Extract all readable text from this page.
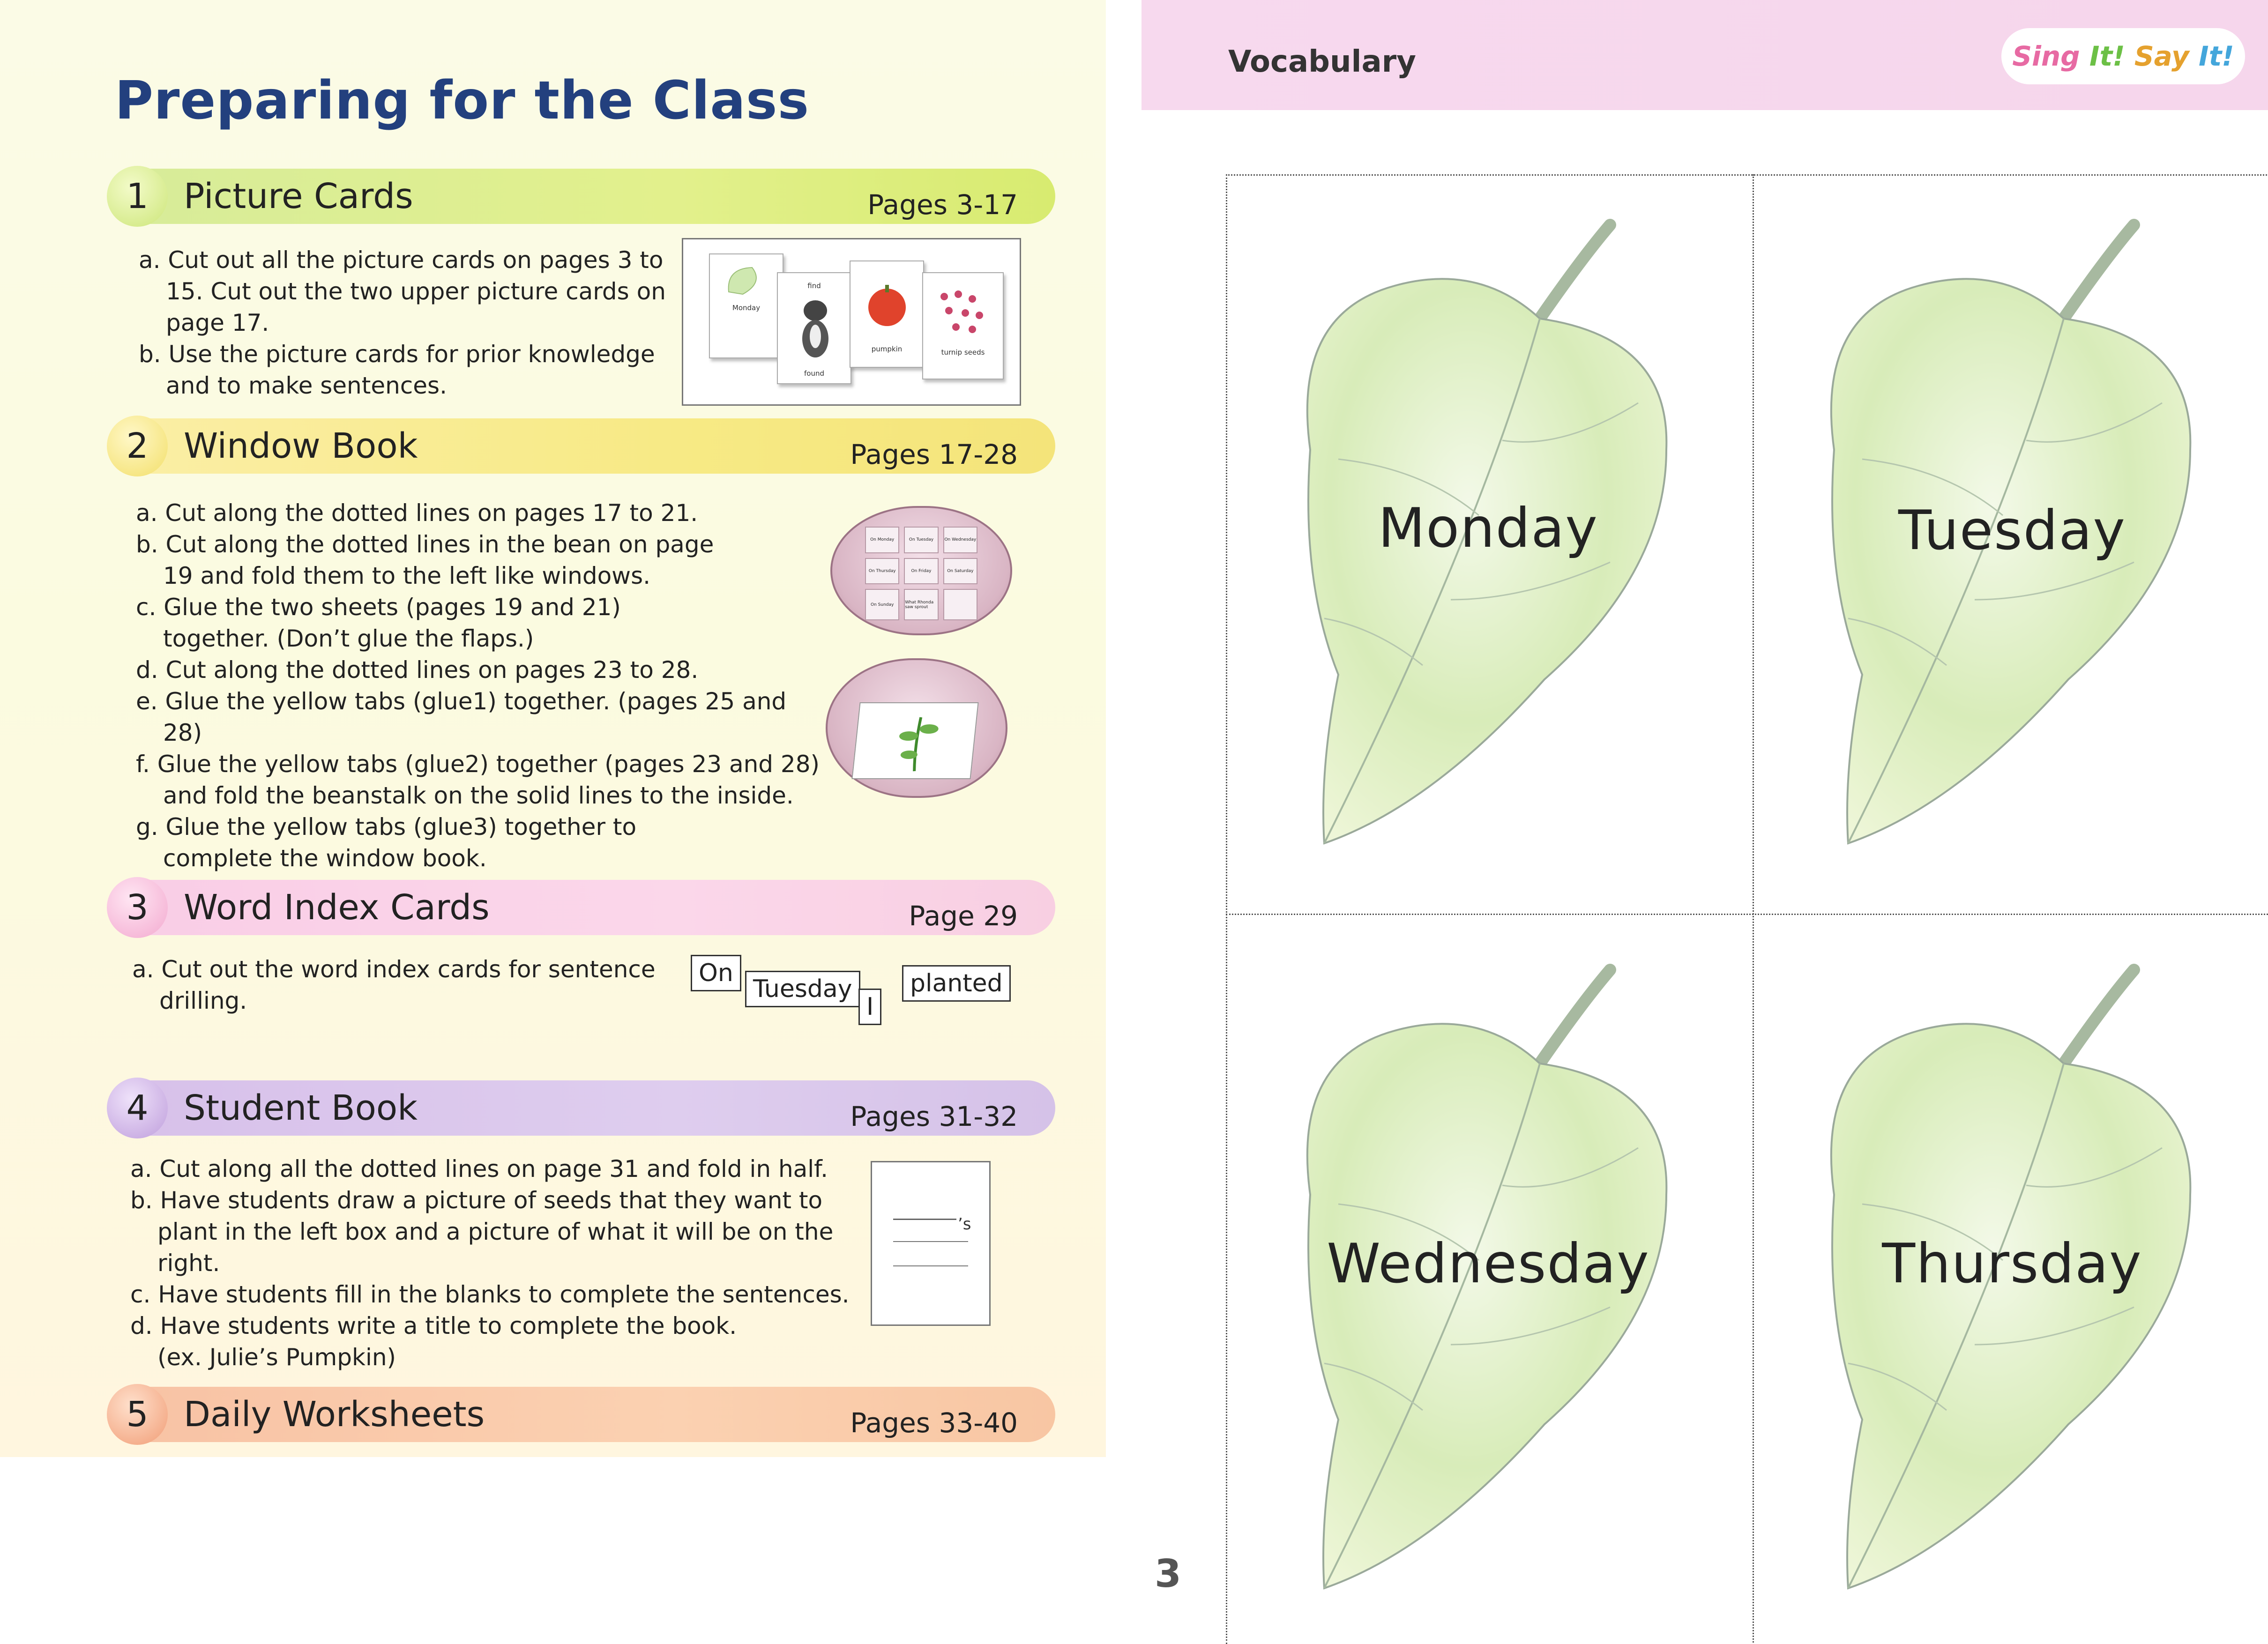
Preparing for the Class
1	Picture Cards	Pages 3-17
a. Cut out all the picture cards on pages 3 to 15. Cut out the two upper picture cards on page 17.
b. Use the picture cards for prior knowledge and to make sentences.
Monday
find
found
pumpkin	turnip seeds
2	Window Book	Pages 17-28
a. Cut along the dotted lines on pages 17 to 21.
b. Cut along the dotted lines in the bean on page 19 and fold them to the left like windows.
c. Glue the two sheets (pages 19 and 21) together. (Don’t glue the flaps.)
d. Cut along the dotted lines on pages 23 to 28.
e. Glue the yellow tabs (glue1) together. (pages 25 and 28)
f. Glue the yellow tabs (glue2) together (pages 23 and 28) and fold the beanstalk on the solid lines to the inside.
g. Glue the yellow tabs (glue3) together to complete the window book.
On Monday	On Tuesday	On Wednesday
On Thursday	On Friday	On Saturday
On Sunday	What Rhonda saw sprout
3	Word Index Cards	Page 29
a. Cut out the word index cards for sentence drilling.
On
Tuesday
I
planted
4	Student Book	Pages 31-32
a. Cut along all the dotted lines on page 31 and fold in half.
b. Have students draw a picture of seeds that they want to plant in the left box and a picture of what it will be on the right.
c. Have students fill in the blanks to complete the sentences.
d. Have students write a title to complete the book. (ex. Julie’s Pumpkin)
’s
5	Daily Worksheets	Pages 33-40
Vocabulary	Sing It! Say It!
Monday	Tuesday
Wednesday	Thursday
3
